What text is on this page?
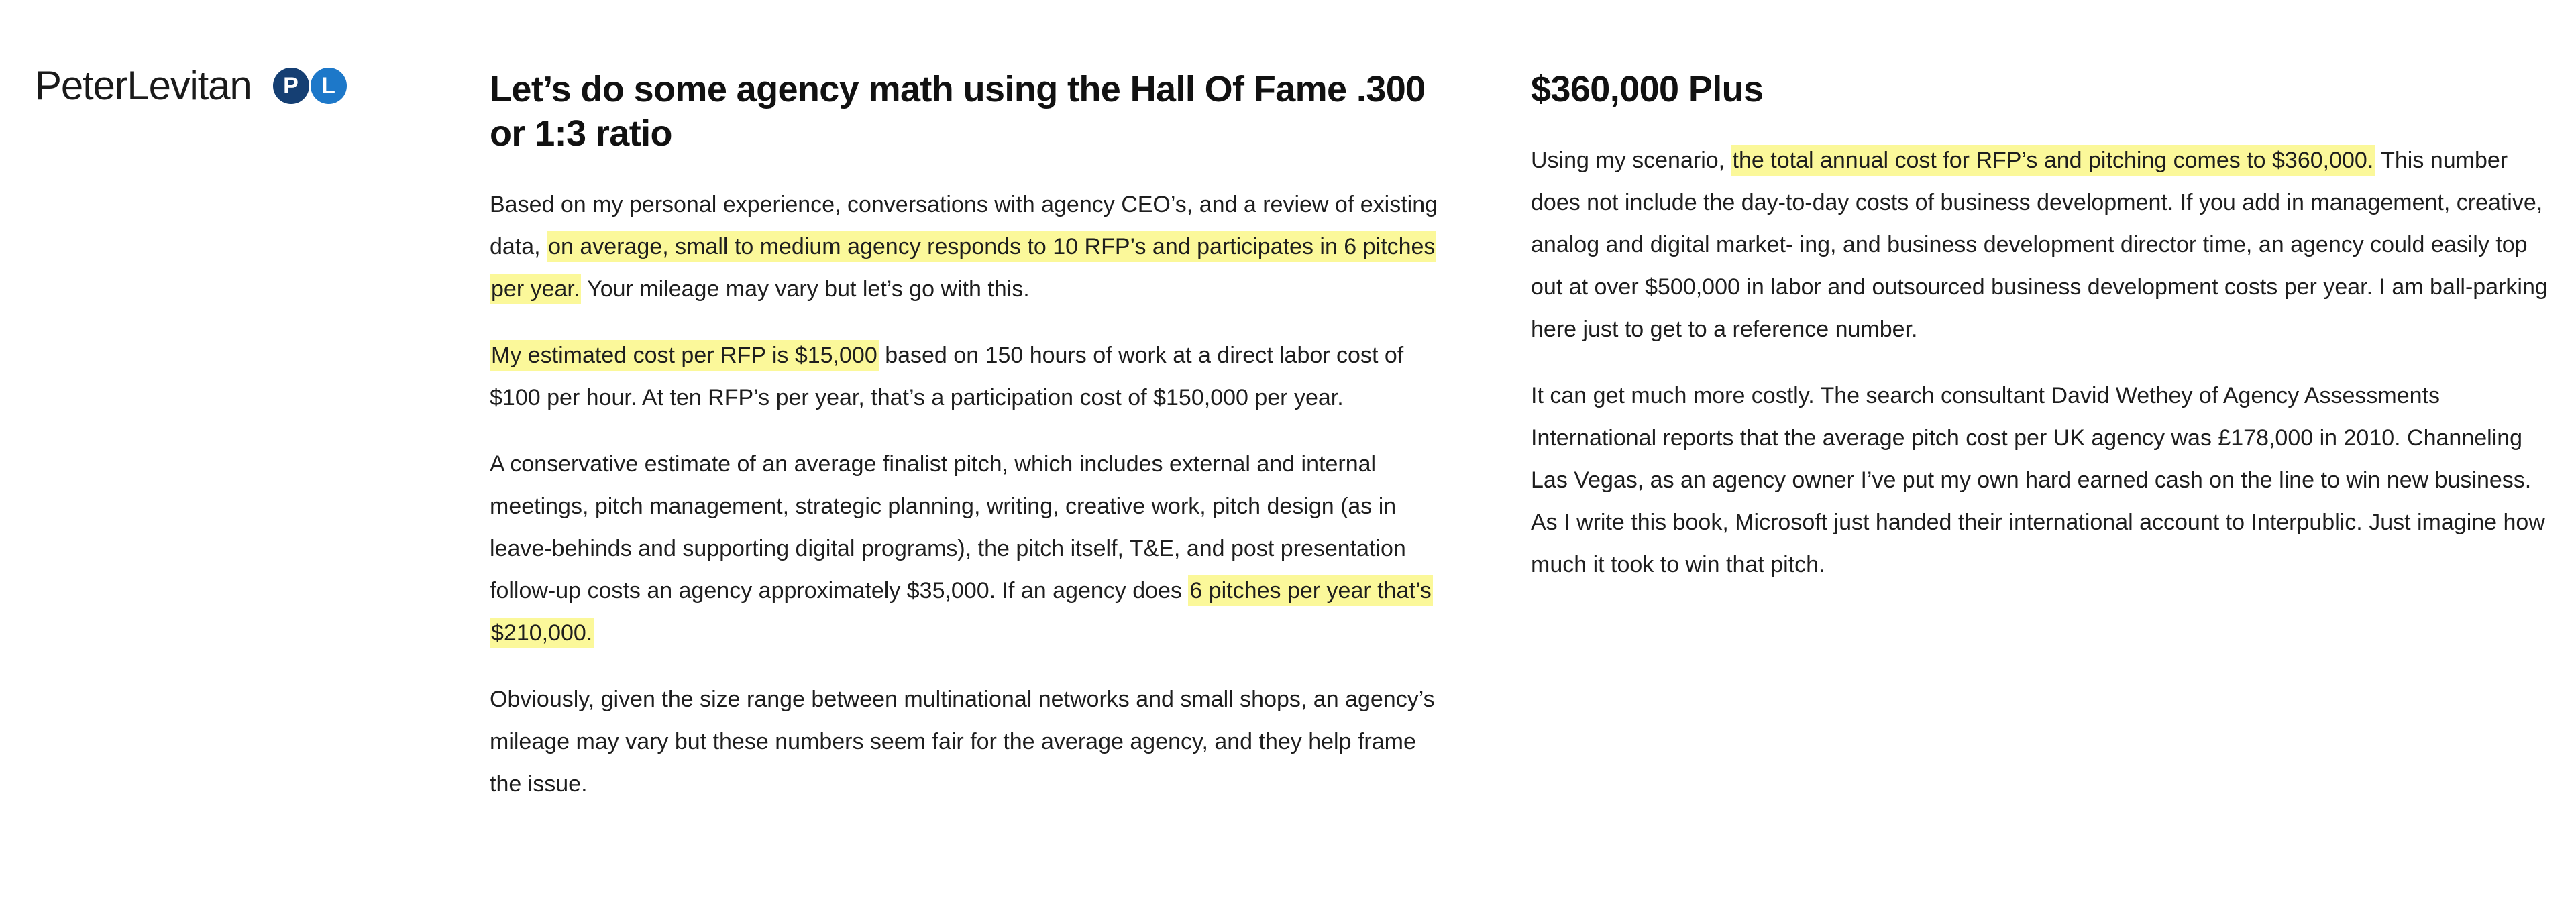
PeterLevitan	P	L	Let’s do some agency math using the Hall Of Fame .300 or 1:3 ratio

Based on my personal experience, conversations with agency CEO’s, and a review of existing data, on average, small to medium agency responds to 10 RFP’s and participates in 6 pitches per year. Your mileage may vary but let’s go with this.

My estimated cost per RFP is $15,000 based on 150 hours of work at a direct labor cost of $100 per hour. At ten RFP’s per year, that’s a participation cost of $150,000 per year.

A conservative estimate of an average finalist pitch, which includes external and internal meetings, pitch management, strategic planning, writing, creative work, pitch design (as in leave-behinds and supporting digital programs), the pitch itself, T&E, and post presentation follow-up costs an agency approximately $35,000. If an agency does 6 pitches per year that’s $210,000.

Obviously, given the size range between multinational networks and small shops, an agency’s mileage may vary but these numbers seem fair for the average agency, and they help frame the issue.

$360,000 Plus

Using my scenario, the total annual cost for RFP’s and pitching comes to $360,000. This number does not include the day-to-day costs of business development. If you add in management, creative, analog and digital market- ing, and business development director time, an agency could easily top out at over $500,000 in labor and outsourced business development costs per year. I am ball-parking here just to get to a reference number.

It can get much more costly. The search consultant David Wethey of Agency Assessments International reports that the average pitch cost per UK agency was £178,000 in 2010. Channeling Las Vegas, as an agency owner I’ve put my own hard earned cash on the line to win new business. As I write this book, Microsoft just handed their international account to Interpublic. Just imagine how much it took to win that pitch.
